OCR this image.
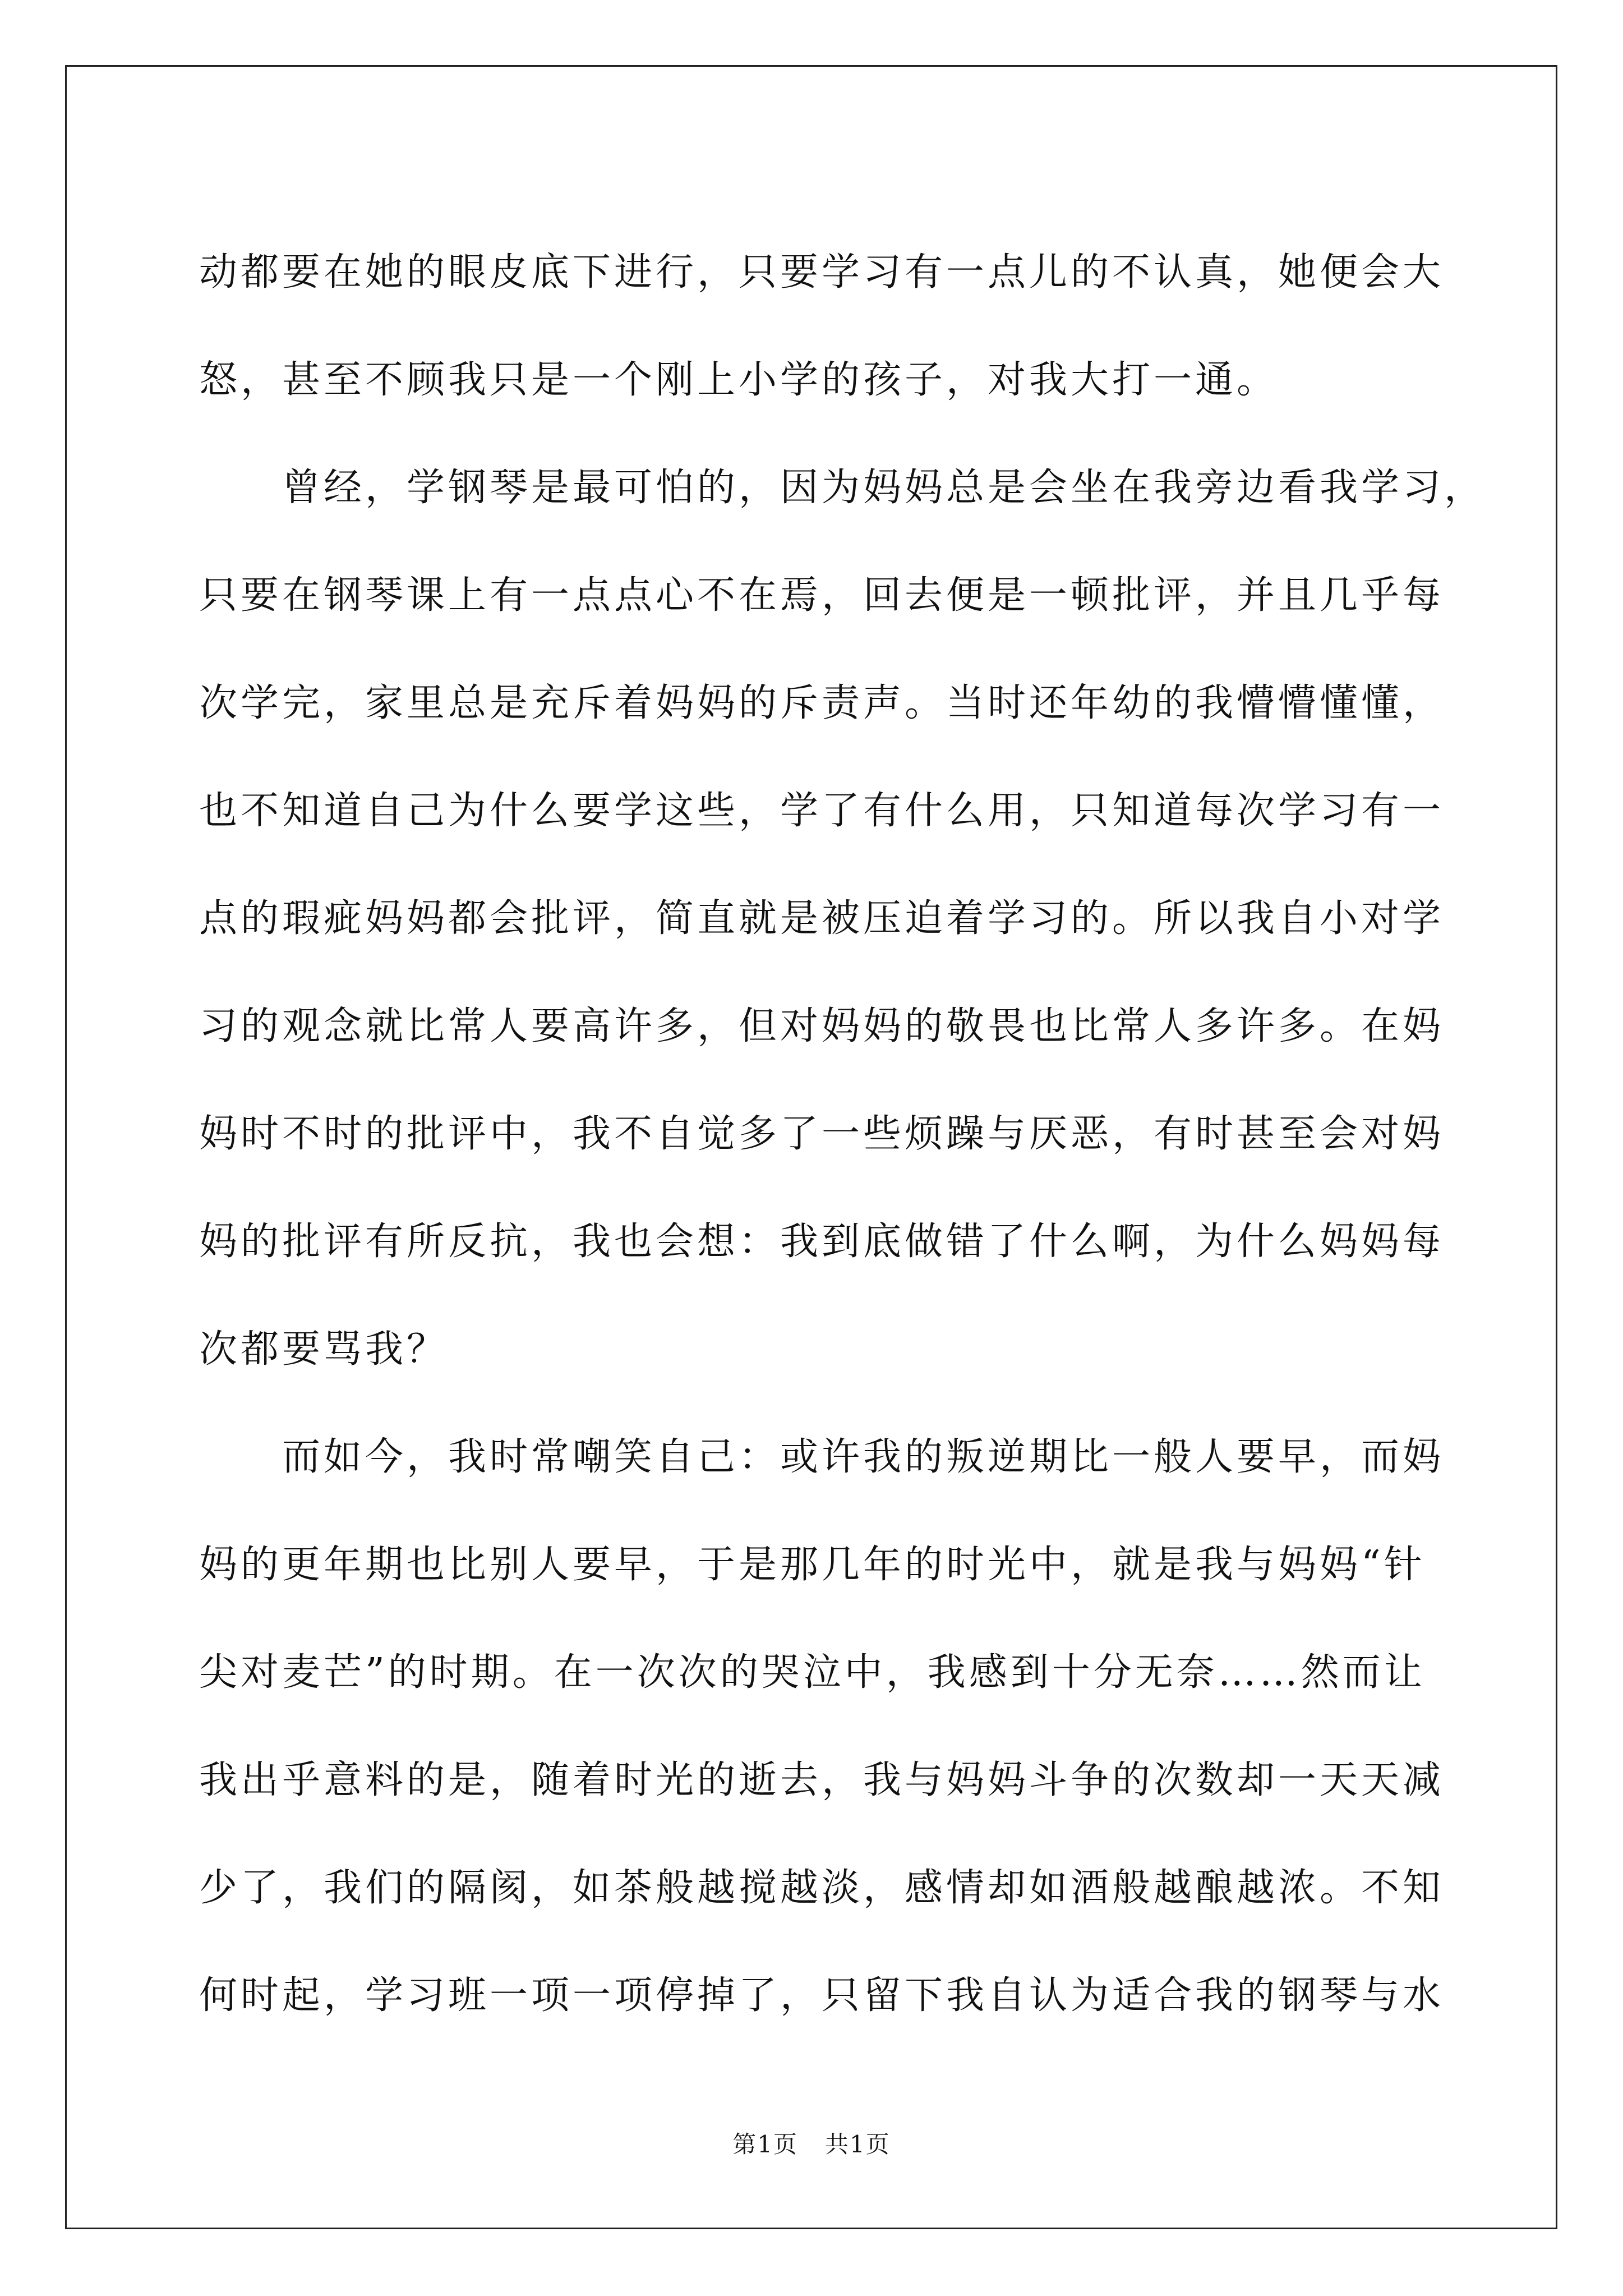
动都要在她的眼皮底下进行，只要学习有一点儿的不认真，她便会大
怒，甚至不顾我只是一个刚上小学的孩子，对我大打一通。
　　曾经，学钢琴是最可怕的，因为妈妈总是会坐在我旁边看我学习，
只要在钢琴课上有一点点心不在焉，回去便是一顿批评，并且几乎每
次学完，家里总是充斥着妈妈的斥责声。当时还年幼的我懵懵懂懂，
也不知道自己为什么要学这些，学了有什么用，只知道每次学习有一
点的瑕疵妈妈都会批评，简直就是被压迫着学习的。所以我自小对学
习的观念就比常人要高许多，但对妈妈的敬畏也比常人多许多。在妈
妈时不时的批评中，我不自觉多了一些烦躁与厌恶，有时甚至会对妈
妈的批评有所反抗，我也会想：我到底做错了什么啊，为什么妈妈每
次都要骂我？
　　而如今，我时常嘲笑自己：或许我的叛逆期比一般人要早，而妈
妈的更年期也比别人要早，于是那几年的时光中，就是我与妈妈“针
尖对麦芒”的时期。在一次次的哭泣中，我感到十分无奈……然而让
我出乎意料的是，随着时光的逝去，我与妈妈斗争的次数却一天天减
少了，我们的隔阂，如茶般越搅越淡，感情却如酒般越酿越浓。不知
何时起，学习班一项一项停掉了，只留下我自认为适合我的钢琴与水
第1页 共1页
